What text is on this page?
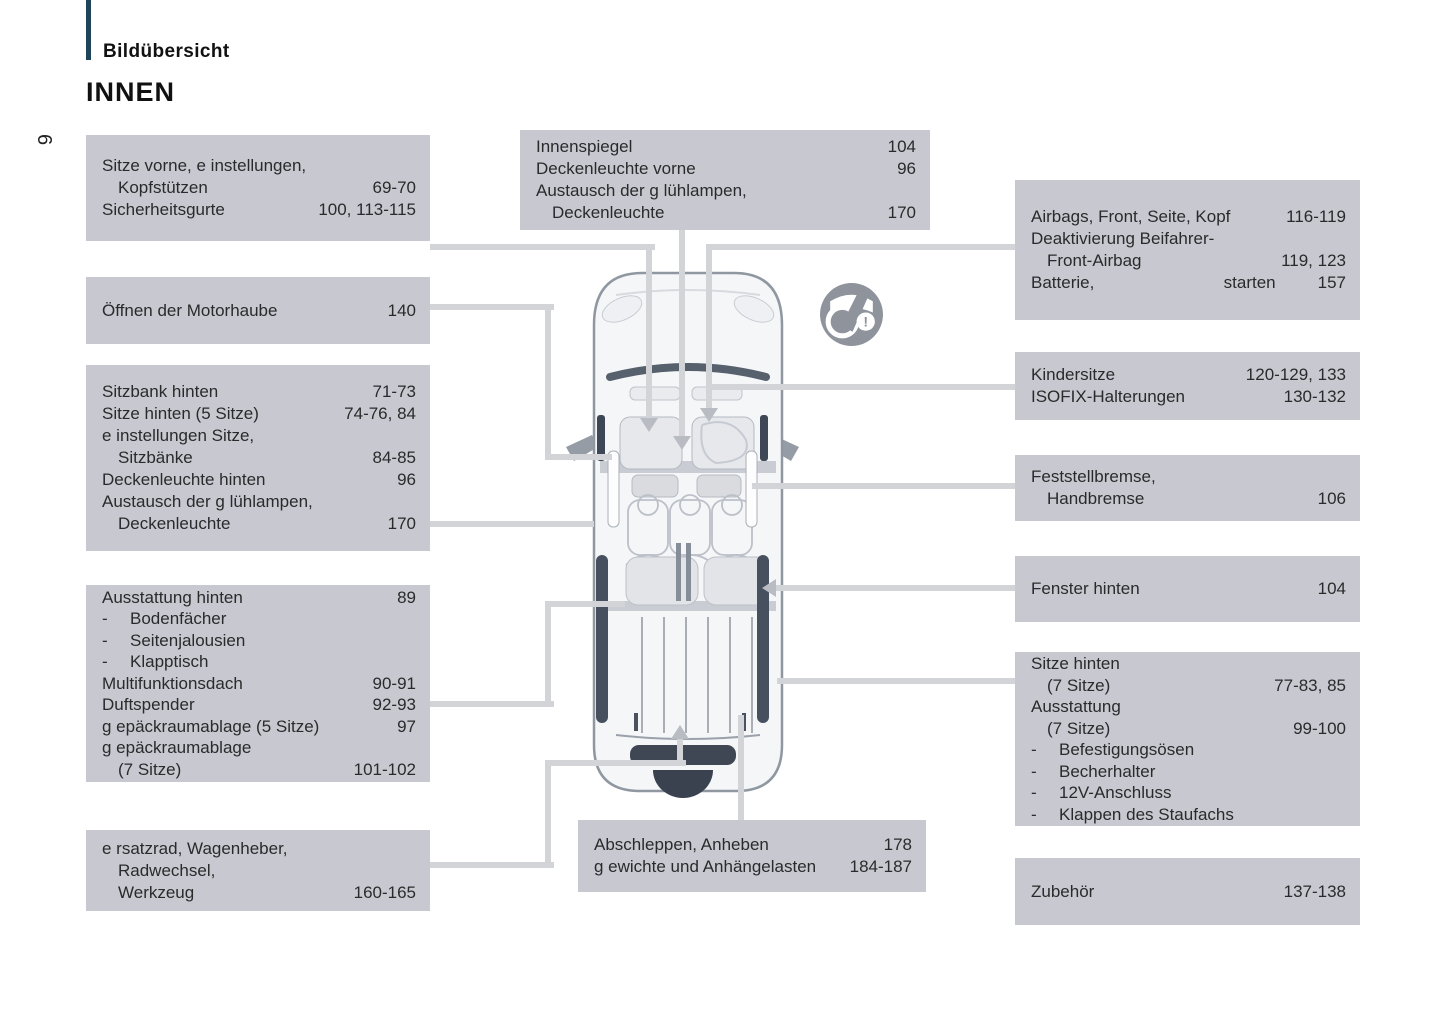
Bildübersicht
INNEN
6
!
Sitze vorne, e instellungen,
Kopfstützen	69-70
Sicherheitsgurte	100, 113-115
Öffnen der Motorhaube	140
Sitzbank hinten	71-73
Sitze hinten (5 Sitze)	74-76, 84
e instellungen Sitze,
Sitzbänke	84-85
Deckenleuchte hinten	96
Austausch der g lühlampen,
Deckenleuchte	170
Ausstattung hinten	89
-	Bodenfächer
-	Seitenjalousien
-	Klapptisch
Multifunktionsdach	90-91
Duftspender	92-93
g epäckraumablage (5 Sitze)	97
g epäckraumablage
(7 Sitze)	101-102
e rsatzrad, Wagenheber,
Radwechsel,
Werkzeug	160-165
Innenspiegel	104
Deckenleuchte vorne	96
Austausch der g lühlampen,
Deckenleuchte	170
Abschleppen, Anheben	178
g ewichte und Anhängelasten 184-187
Airbags, Front, Seite, Kopf	116-119
Deaktivierung Beifahrer-
Front-Airbag	119, 123
Batterie,	starten 157
Kindersitze	120-129, 133
ISOFIX-Halterungen	130-132
Feststellbremse,
Handbremse	106
Fenster hinten	104
Sitze hinten
(7 Sitze)	77-83, 85
Ausstattung
(7 Sitze)	99-100
-	Befestigungsösen
-	Becherhalter
-	12V-Anschluss
-	Klappen des Staufachs
Zubehör	137-138
